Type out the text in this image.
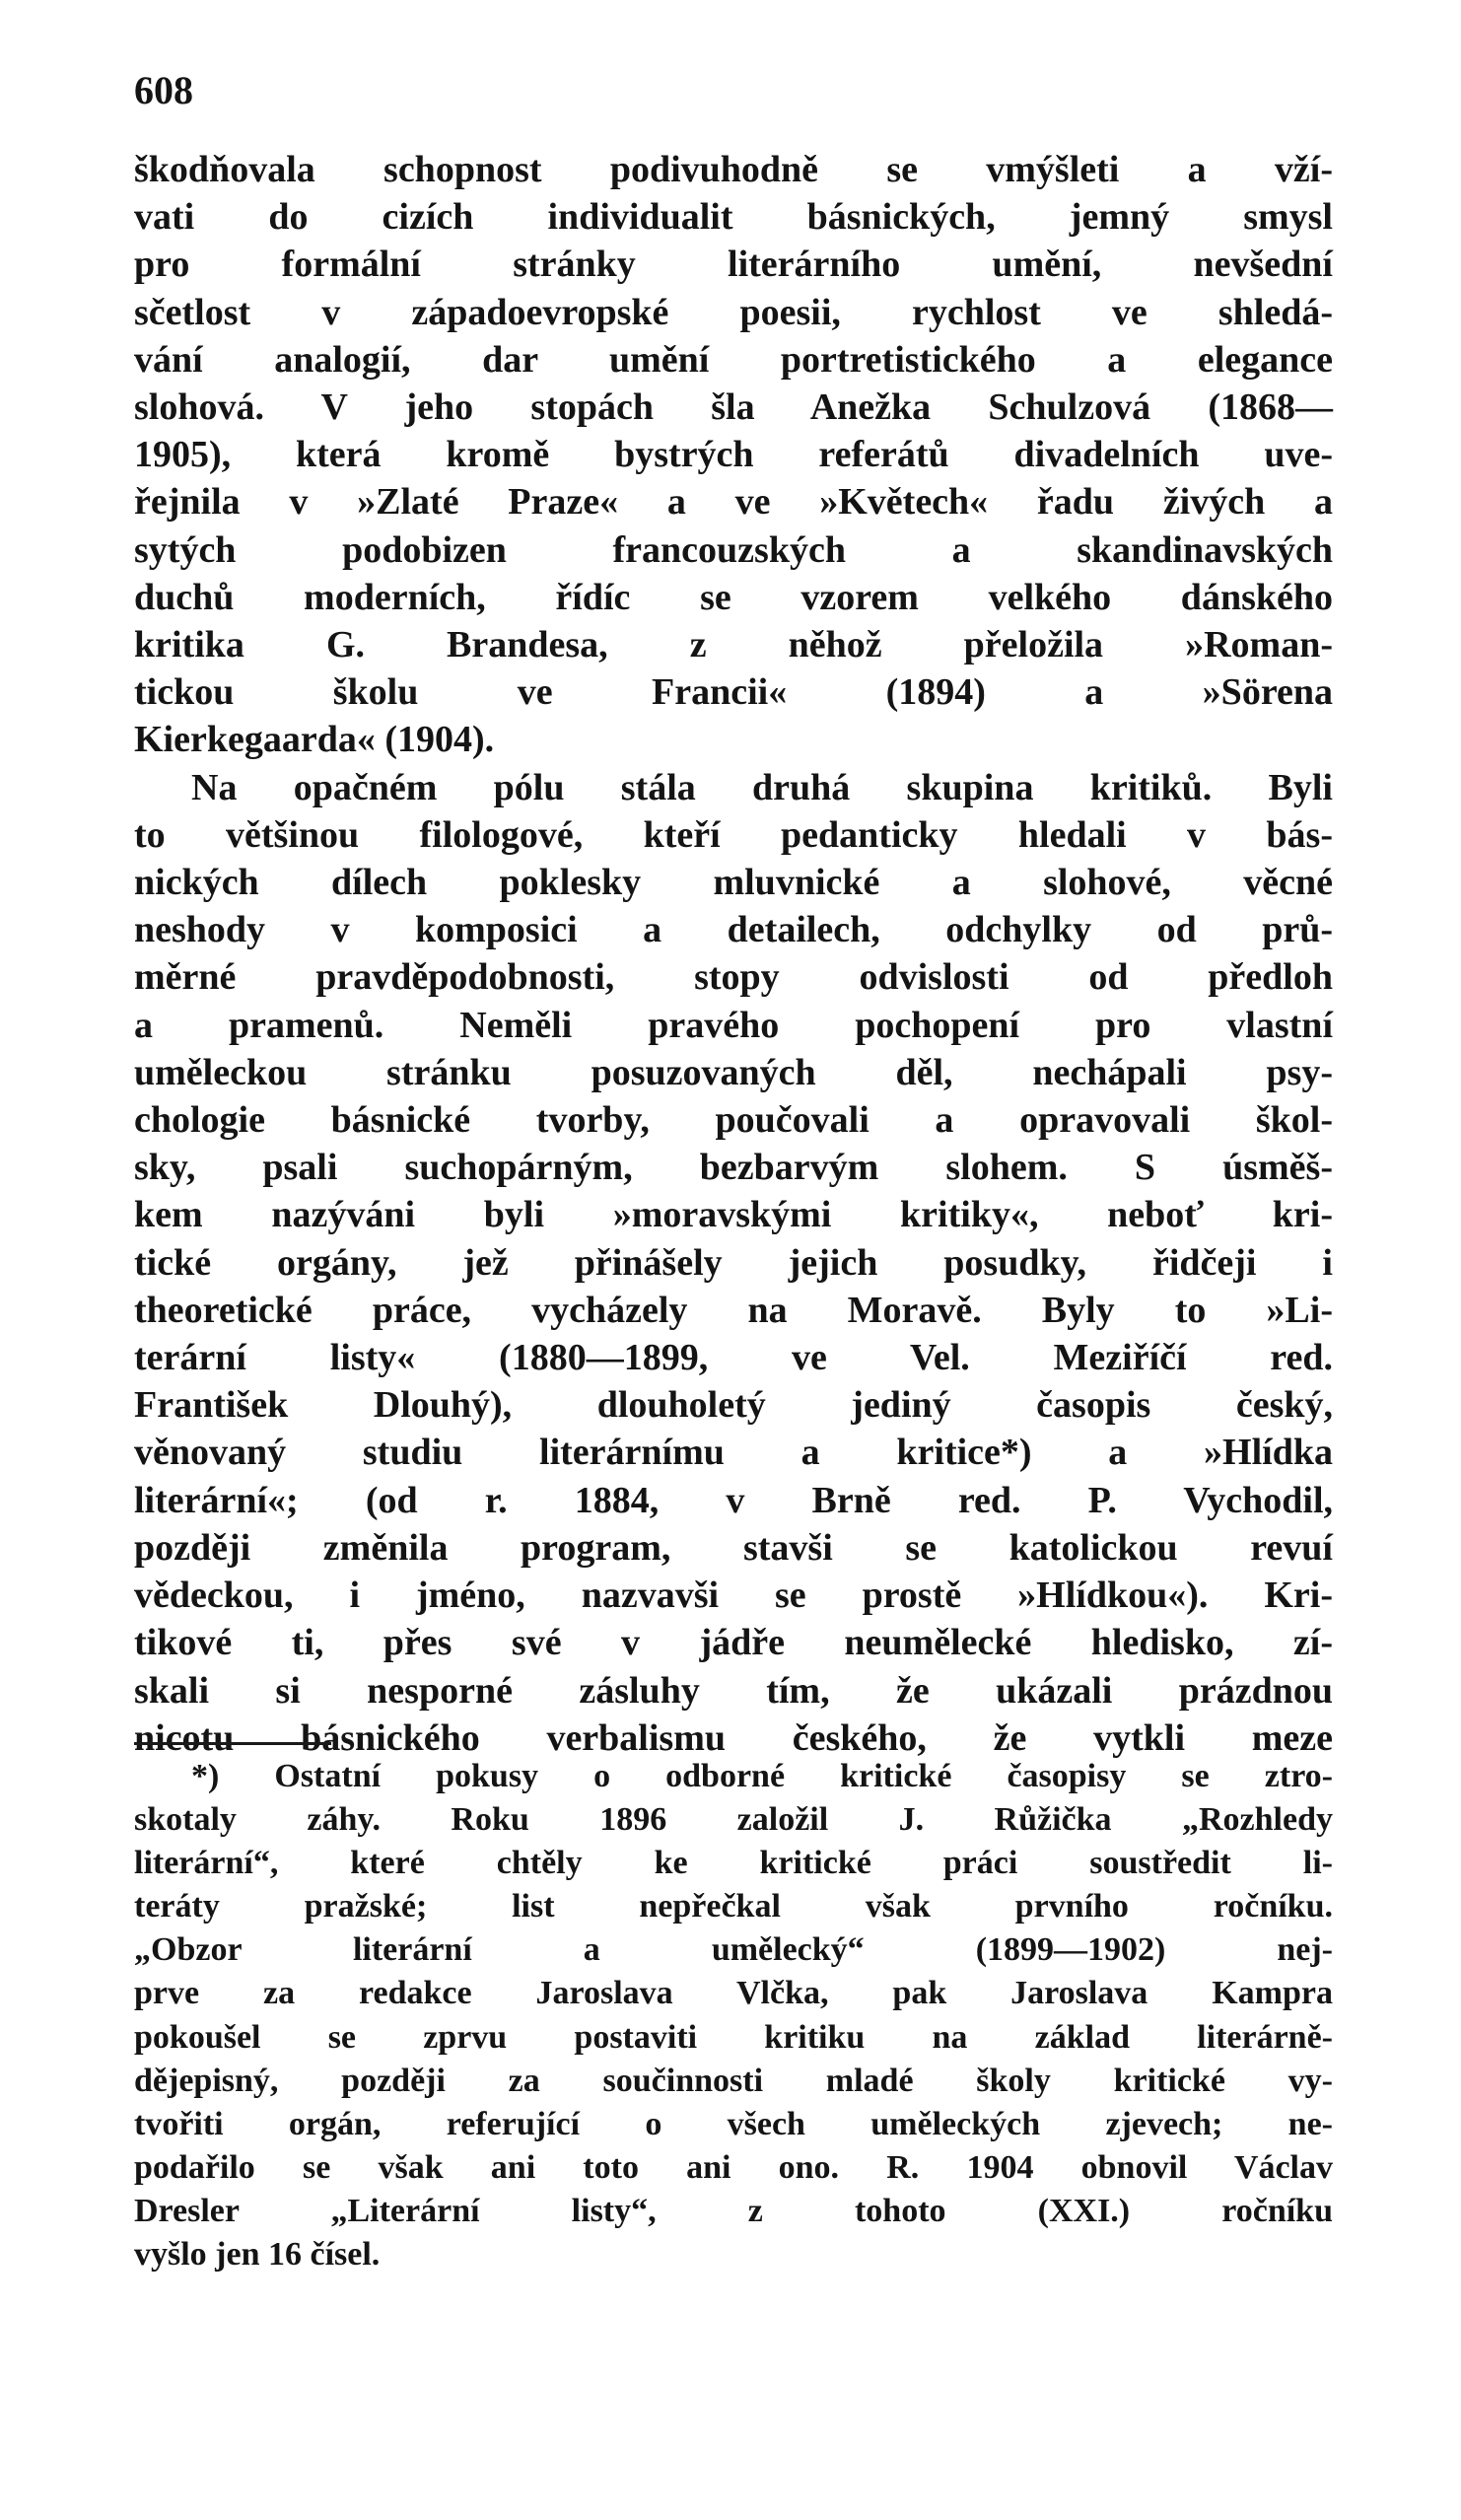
608
škodňovala schopnost podivuhodně se vmýšleti a vží-
vati do cizích individualit básnických, jemný smysl
pro formální stránky literárního umění, nevšední
sčetlost v západoevropské poesii, rychlost ve shledá-
vání analogií, dar umění portretistického a elegance
slohová. V jeho stopách šla Anežka Schulzová (1868—
1905), která kromě bystrých referátů divadelních uve-
řejnila v »Zlaté Praze« a ve »Květech« řadu živých a
sytých podobizen francouzských a skandinavských
duchů moderních, řídíc se vzorem velkého dánského
kritika G. Brandesa, z něhož přeložila »Roman-
tickou školu ve Francii« (1894) a »Sörena
Kierkegaarda« (1904).
Na opačném pólu stála druhá skupina kritiků. Byli
to většinou filologové, kteří pedanticky hledali v bás-
nických dílech poklesky mluvnické a slohové, věcné
neshody v komposici a detailech, odchylky od prů-
měrné pravděpodobnosti, stopy odvislosti od předloh
a pramenů. Neměli pravého pochopení pro vlastní
uměleckou stránku posuzovaných děl, nechápali psy-
chologie básnické tvorby, poučovali a opravovali škol-
sky, psali suchopárným, bezbarvým slohem. S úsměš-
kem nazýváni byli »moravskými kritiky«, neboť kri-
tické orgány, jež přinášely jejich posudky, řidčeji i
theoretické práce, vycházely na Moravě. Byly to »Li-
terární listy« (1880—1899, ve Vel. Meziříčí red.
František Dlouhý), dlouholetý jediný časopis český,
věnovaný studiu literárnímu a kritice*) a »Hlídka
literární«; (od r. 1884, v Brně red. P. Vychodil,
později změnila program, stavši se katolickou revuí
vědeckou, i jméno, nazvavši se prostě »Hlídkou«). Kri-
tikové ti, přes své v jádře neumělecké hledisko, zí-
skali si nesporné zásluhy tím, že ukázali prázdnou
nicotu básnického verbalismu českého, že vytkli meze
*) Ostatní pokusy o odborné kritické časopisy se ztro-
skotaly záhy. Roku 1896 založil J. Růžička „Rozhledy
literární“, které chtěly ke kritické práci soustředit li-
teráty pražské; list nepřečkal však prvního ročníku.
„Obzor literární a umělecký“ (1899—1902) nej-
prve za redakce Jaroslava Vlčka, pak Jaroslava Kampra
pokoušel se zprvu postaviti kritiku na základ literárně-
dějepisný, později za součinnosti mladé školy kritické vy-
tvořiti orgán, referující o všech uměleckých zjevech; ne-
podařilo se však ani toto ani ono. R. 1904 obnovil Václav
Dresler „Literární listy“, z tohoto (XXI.) ročníku
vyšlo jen 16 čísel.
